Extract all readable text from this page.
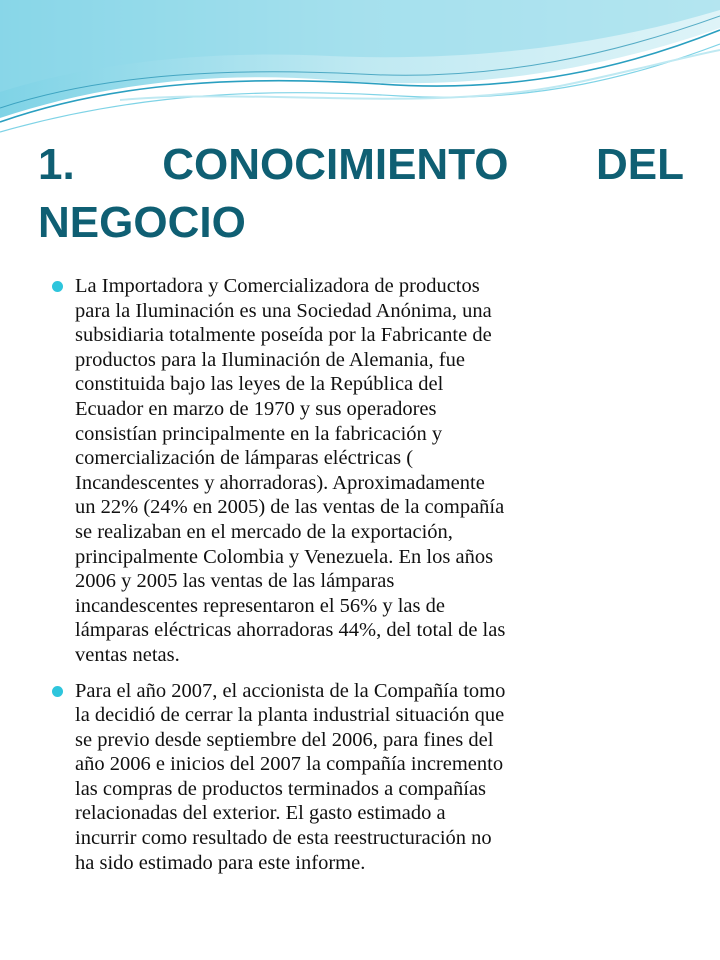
1. CONOCIMIENTO DEL
NEGOCIO
La Importadora y Comercializadora de productos
para la Iluminación es una Sociedad Anónima, una
subsidiaria totalmente poseída por la Fabricante de
productos para la Iluminación de Alemania, fue
constituida bajo las leyes de la República del
Ecuador en marzo de 1970 y sus operadores
consistían principalmente en la fabricación y
comercialización de lámparas eléctricas (
Incandescentes y ahorradoras). Aproximadamente
un 22% (24% en 2005) de las ventas de la compañía
se realizaban en el mercado de la exportación,
principalmente Colombia y Venezuela. En los años
2006 y 2005 las ventas de las lámparas
incandescentes representaron el 56% y las de
lámparas eléctricas ahorradoras 44%, del total de las
ventas netas.
Para el año 2007, el accionista de la Compañía tomo
la decidió de cerrar la planta industrial situación que
se previo desde septiembre del 2006, para fines del
año 2006 e inicios del 2007 la compañía incremento
las compras de productos terminados a compañías
relacionadas del exterior. El gasto estimado a
incurrir como resultado de esta reestructuración no
ha sido estimado para este informe.
